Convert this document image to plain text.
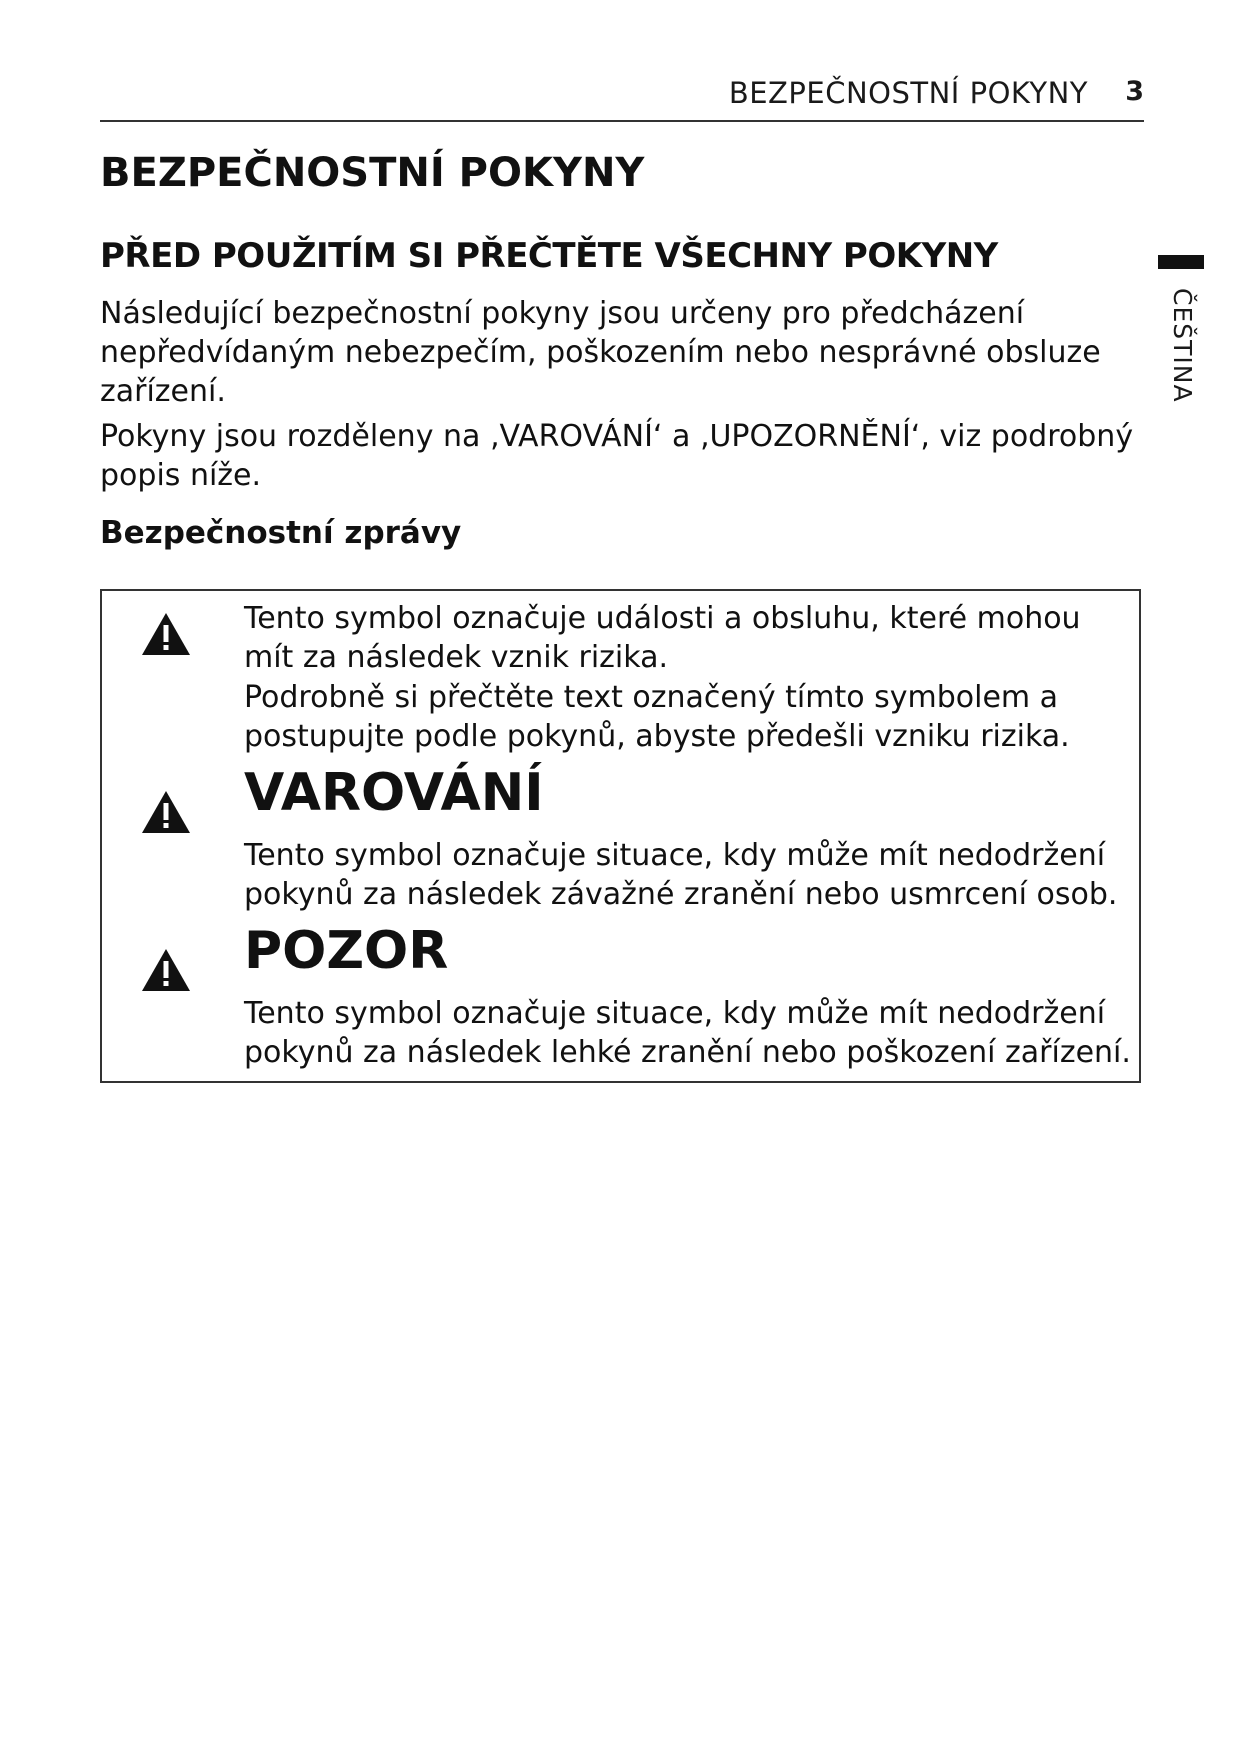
BEZPEČNOSTNÍ POKYNY 3
ČEŠTINA
BEZPEČNOSTNÍ POKYNY
PŘED POUŽITÍM SI PŘEČTĚTE VŠECHNY POKYNY

Následující bezpečnostní pokyny jsou určeny pro předcházení nepředvídaným nebezpečím, poškozením nebo nesprávné obsluze zařízení.

Pokyny jsou rozděleny na ‚VAROVÁNÍ‘ a ‚UPOZORNĚNÍ‘, viz podrobný popis níže.

Bezpečnostní zprávy

Tento symbol označuje události a obsluhu, které mohou mít za následek vznik rizika.

Podrobně si přečtěte text označený tímto symbolem a postupujte podle pokynů, abyste předešli vzniku rizika.

VAROVÁNÍ

Tento symbol označuje situace, kdy může mít nedodržení pokynů za následek závažné zranění nebo usmrcení osob.

POZOR

Tento symbol označuje situace, kdy může mít nedodržení pokynů za následek lehké zranění nebo poškození zařízení.
